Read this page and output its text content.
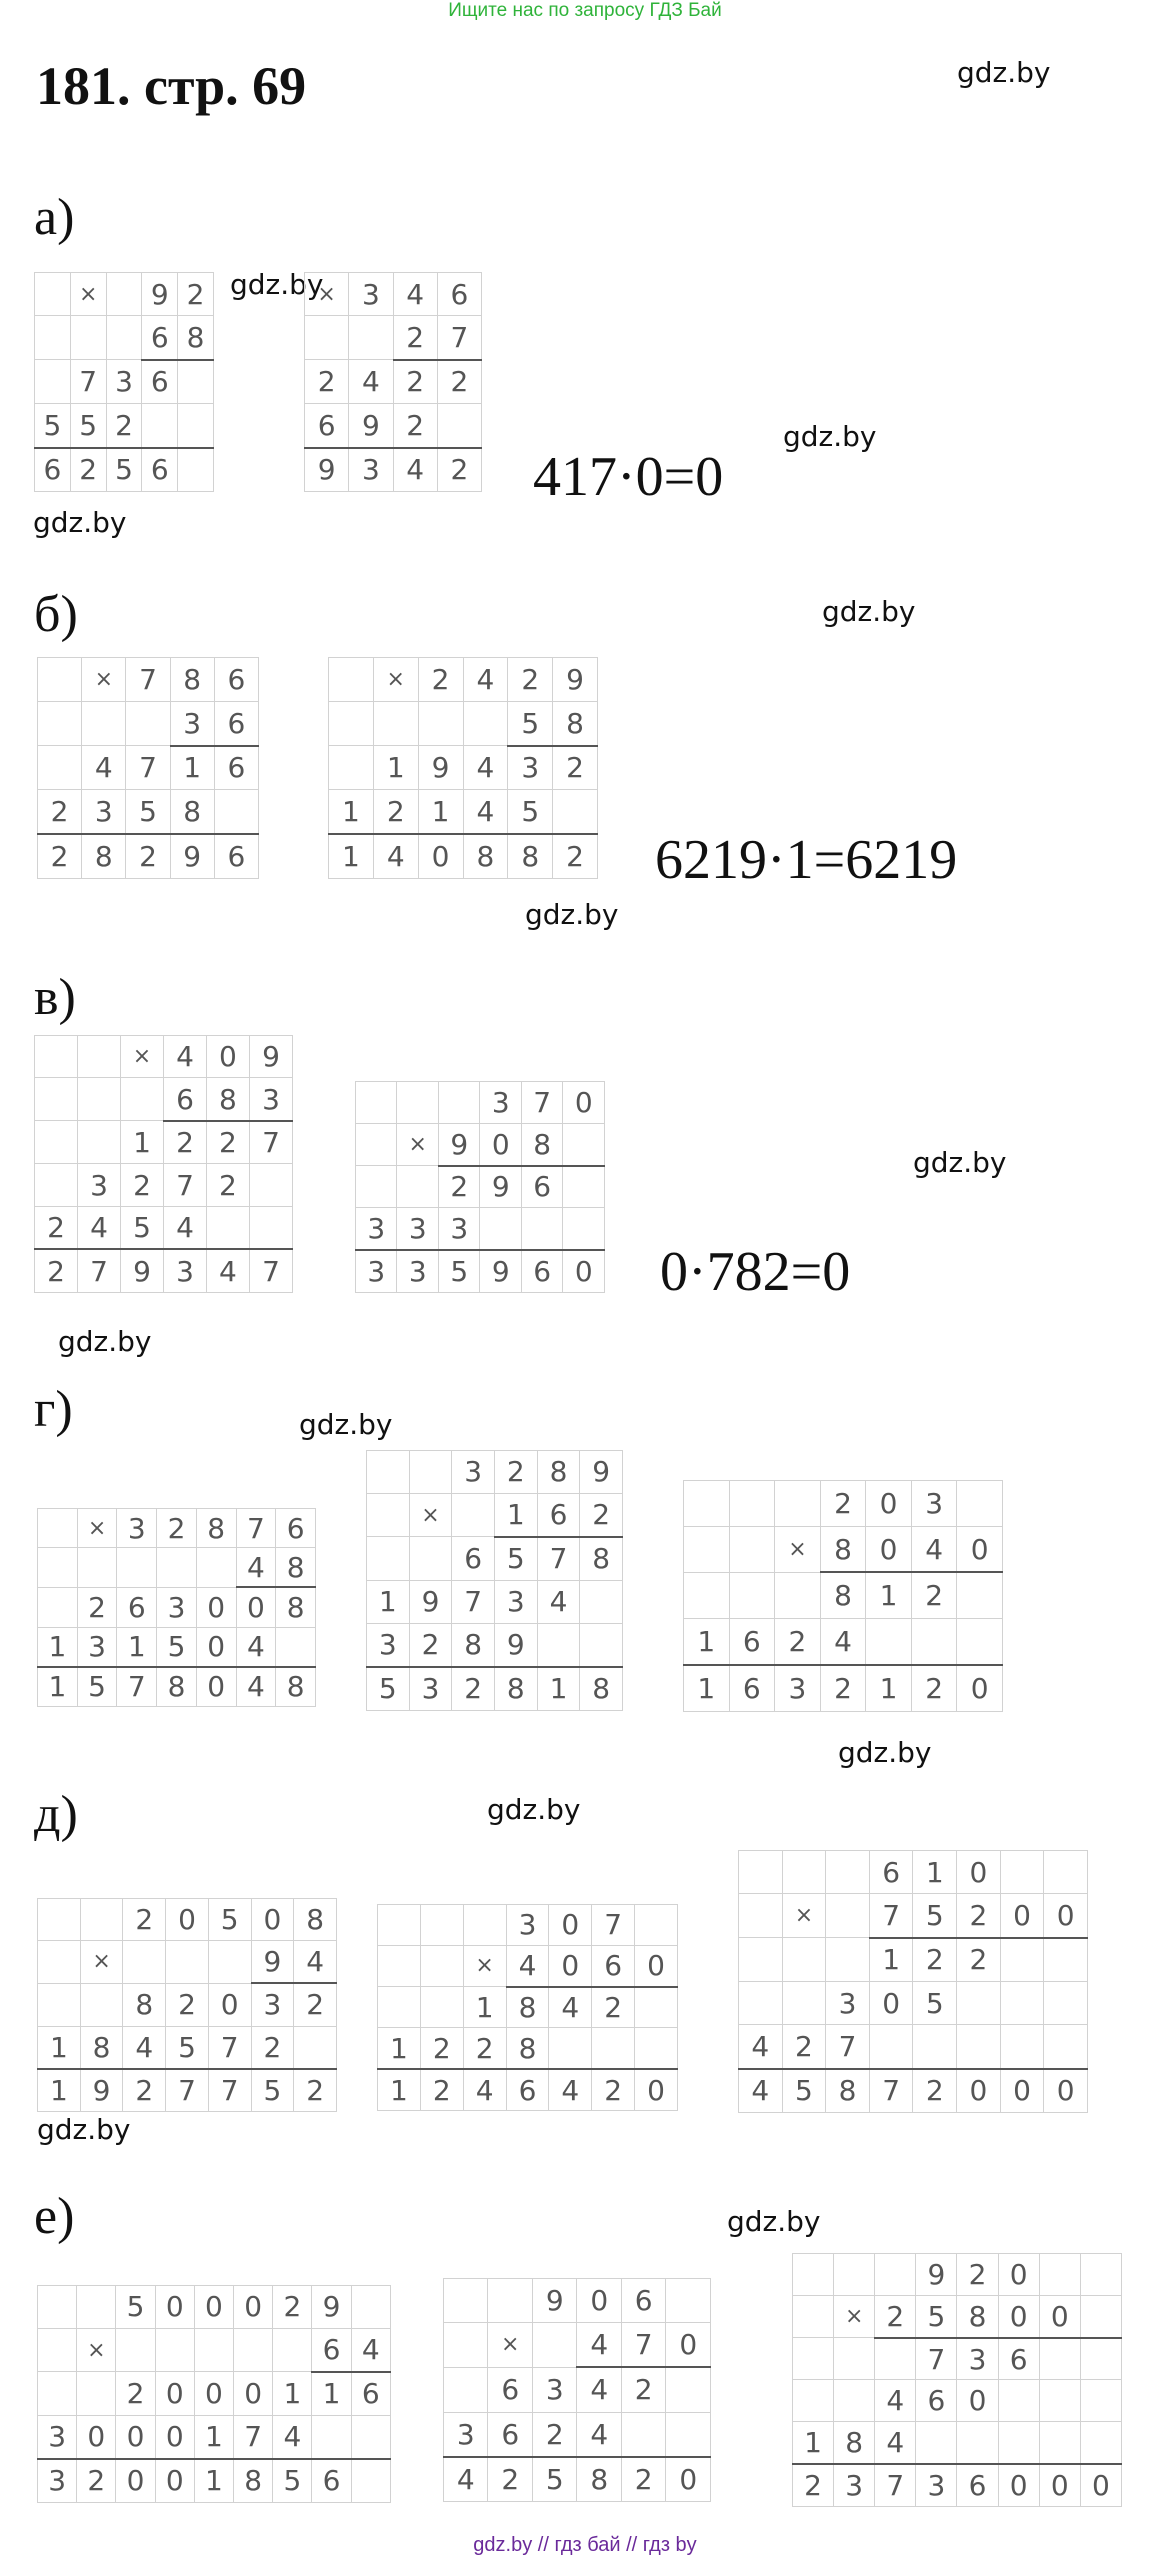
Ищите нас по запросу ГДЗ Бай
181. стр. 69	gdz.by
gdz.by
gdz.by
gdz.by
gdz.by
gdz.by
gdz.by
gdz.by
gdz.by
gdz.by
gdz.by
gdz.by
gdz.by
а)
417·0=0
	×		9	2
			6	8
	7	3	6	
5	5	2		
6	2	5	6	
×	3	4	6
		2	7
2	4	2	2
6	9	2	
9	3	4	2
б)
6219·1=6219
	×	7	8	6
			3	6
	4	7	1	6
2	3	5	8	
2	8	2	9	6
	×	2	4	2	9
				5	8
	1	9	4	3	2
1	2	1	4	5	
1	4	0	8	8	2
в)
0·782=0
		×	4	0	9
			6	8	3
		1	2	2	7
	3	2	7	2	
2	4	5	4		
2	7	9	3	4	7
			3	7	0
	×	9	0	8	
		2	9	6	
3	3	3			
3	3	5	9	6	0
г)
	×	3	2	8	7	6
					4	8
	2	6	3	0	0	8
1	3	1	5	0	4	
1	5	7	8	0	4	8
		3	2	8	9
	×		1	6	2
		6	5	7	8
1	9	7	3	4	
3	2	8	9		
5	3	2	8	1	8
			2	0	3	
		×	8	0	4	0
			8	1	2	
1	6	2	4			
1	6	3	2	1	2	0
д)
		2	0	5	0	8
	×				9	4
		8	2	0	3	2
1	8	4	5	7	2	
1	9	2	7	7	5	2
			3	0	7	
		×	4	0	6	0
		1	8	4	2	
1	2	2	8			
1	2	4	6	4	2	0
			6	1	0		
	×		7	5	2	0	0
			1	2	2		
		3	0	5			
4	2	7					
4	5	8	7	2	0	0	0
е)
		5	0	0	0	2	9	
	×						6	4
		2	0	0	0	1	1	6
3	0	0	0	1	7	4		
3	2	0	0	1	8	5	6	
		9	0	6	
	×		4	7	0
	6	3	4	2	
3	6	2	4		
4	2	5	8	2	0
			9	2	0		
	×	2	5	8	0	0	
			7	3	6		
		4	6	0			
1	8	4					
2	3	7	3	6	0	0	0
gdz.by // гдз бай // гдз by
